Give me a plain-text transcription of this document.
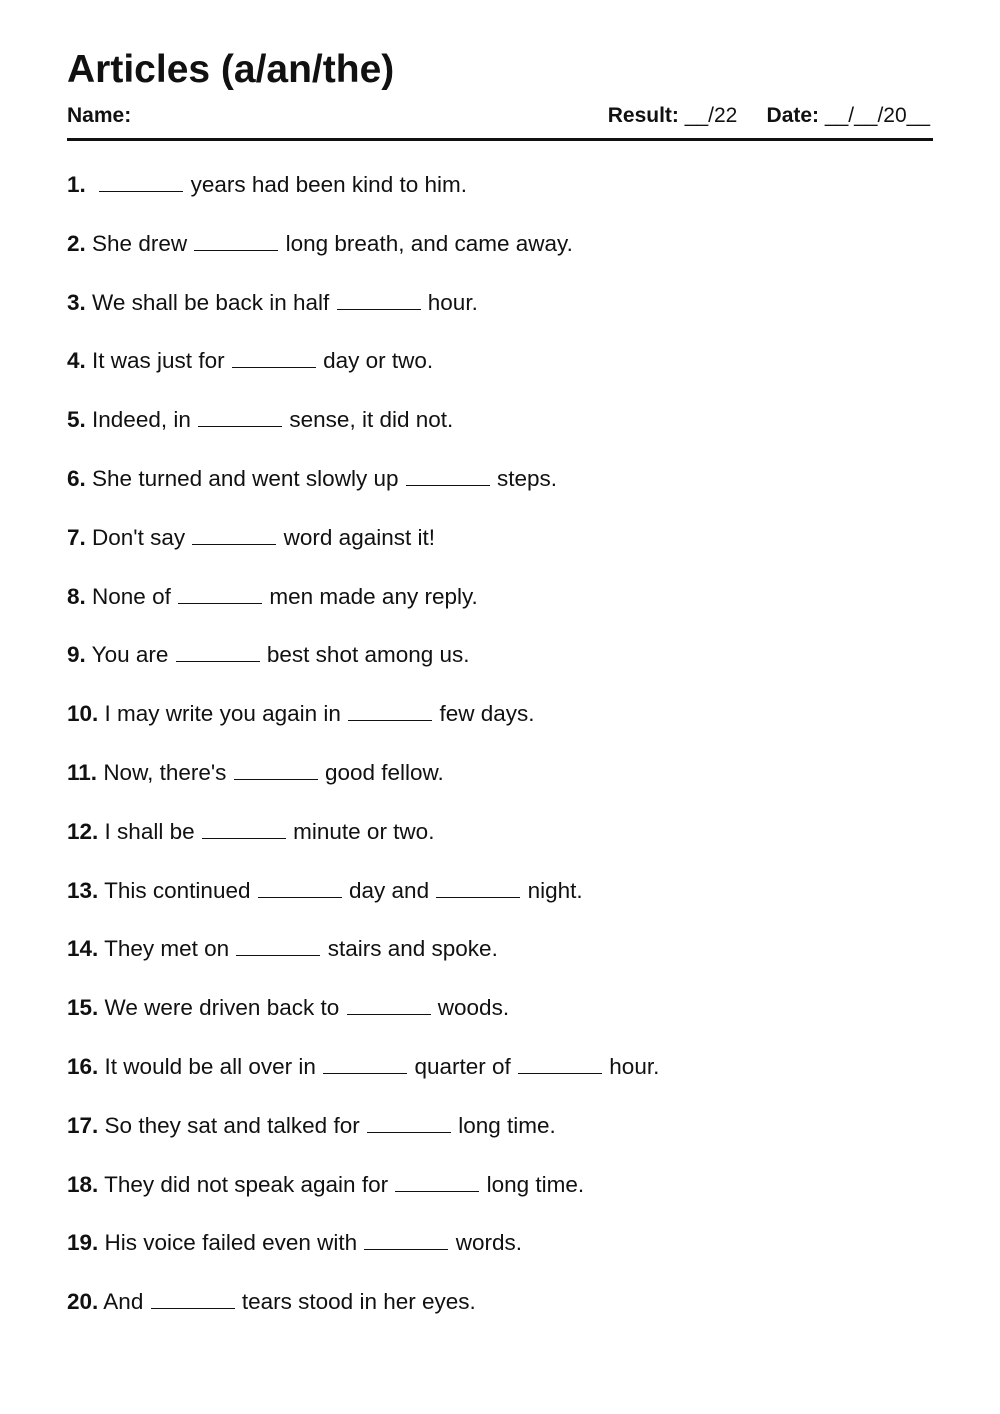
Articles (a/an/the)
Name:	Result: __/22 Date: __/__/20__
1.	years had been kind to him.
2. She drew	long breath, and came away.
3. We shall be back in half	hour.
4. It was just for	day or two.
5. Indeed, in	sense, it did not.
6. She turned and went slowly up	steps.
7. Don't say	word against it!
8. None of	men made any reply.
9. You are	best shot among us.
10. I may write you again in	few days.
11. Now, there's	good fellow.
12. I shall be	minute or two.
13. This continued	day and	night.
14. They met on	stairs and spoke.
15. We were driven back to	woods.
16. It would be all over in	quarter of	hour.
17. So they sat and talked for	long time.
18. They did not speak again for	long time.
19. His voice failed even with	words.
20. And	tears stood in her eyes.
